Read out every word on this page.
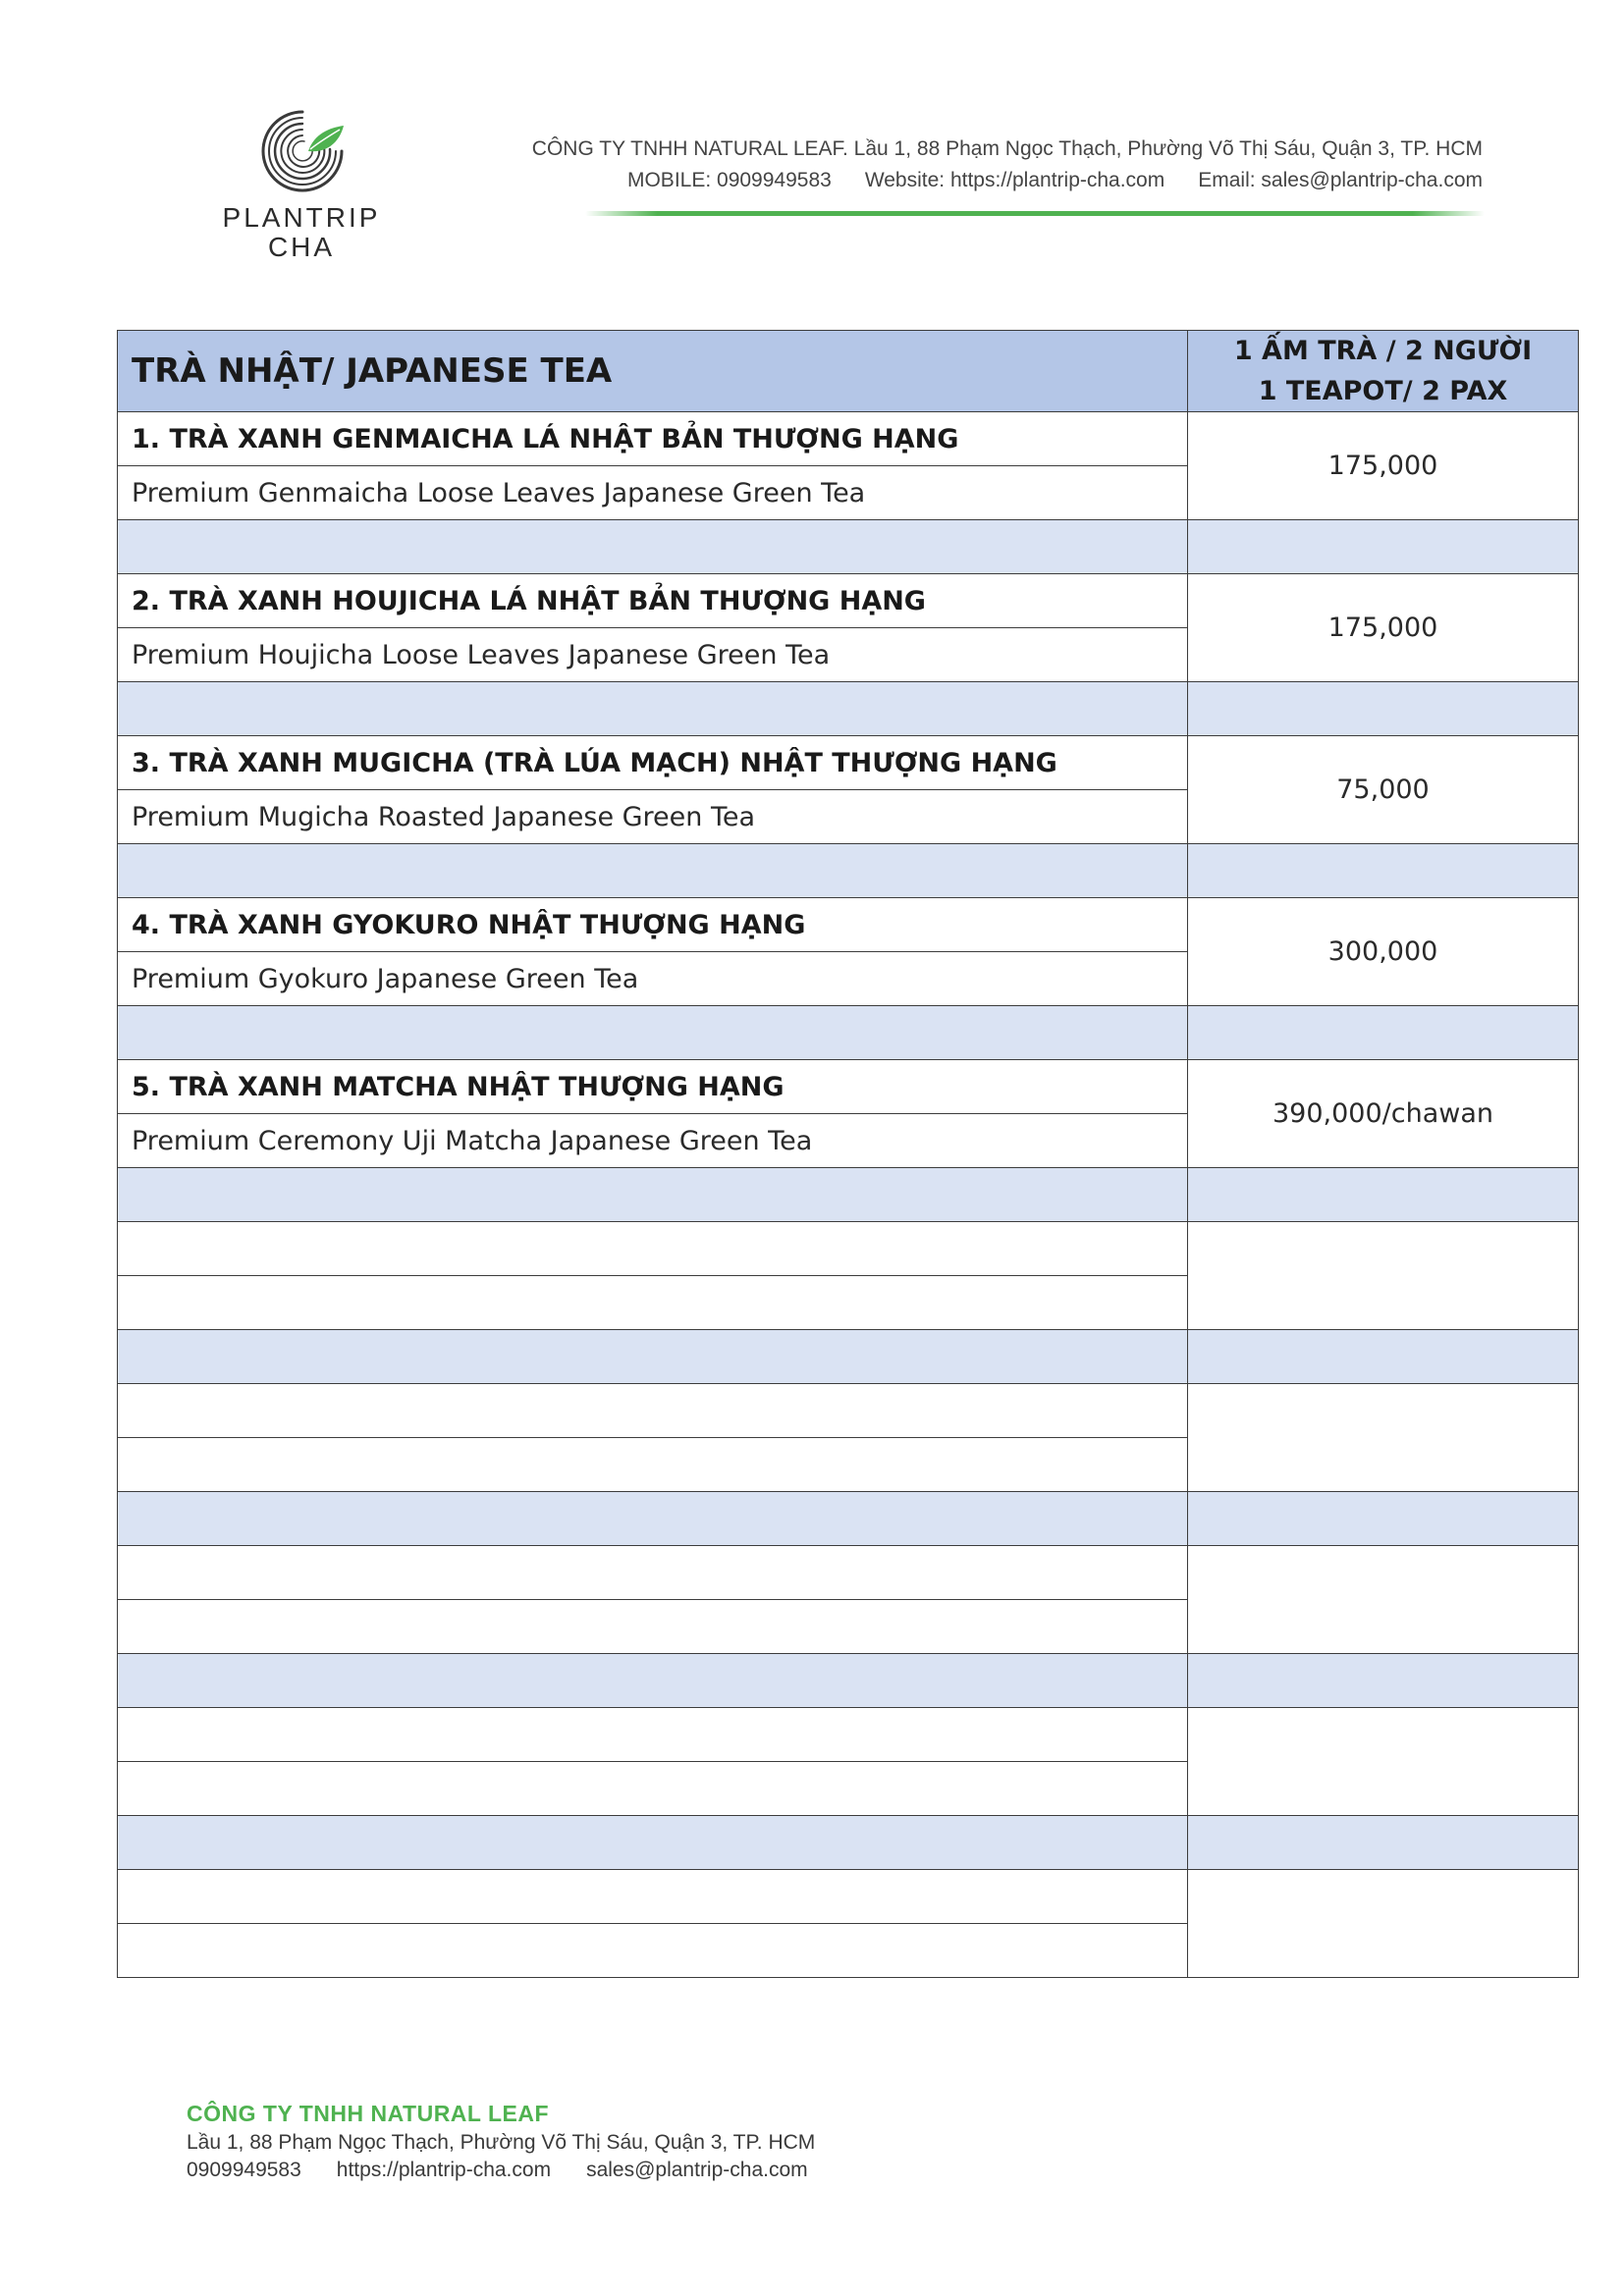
PLANTRIP
CHA
CÔNG TY TNHH NATURAL LEAF. Lầu 1, 88 Phạm Ngọc Thạch, Phường Võ Thị Sáu, Quận 3, TP. HCM
MOBILE: 0909949583 Website: https://plantrip-cha.com Email: sales@plantrip-cha.com
TRÀ NHẬT/ JAPANESE TEA	1 ẤM TRÀ / 2 NGƯỜI
1 TEAPOT/ 2 PAX

1. TRÀ XANH GENMAICHA LÁ NHẬT BẢN THƯỢNG HẠNG	175,000
Premium Genmaicha Loose Leaves Japanese Green Tea	

2. TRÀ XANH HOUJICHA LÁ NHẬT BẢN THƯỢNG HẠNG	175,000
Premium Houjicha Loose Leaves Japanese Green Tea	

3. TRÀ XANH MUGICHA (TRÀ LÚA MẠCH) NHẬT THƯỢNG HẠNG	75,000
Premium Mugicha Roasted Japanese Green Tea	

4. TRÀ XANH GYOKURO NHẬT THƯỢNG HẠNG	300,000
Premium Gyokuro Japanese Green Tea	

5. TRÀ XANH MATCHA NHẬT THƯỢNG HẠNG	390,000/chawan
Premium Ceremony Uji Matcha Japanese Green Tea	

CÔNG TY TNHH NATURAL LEAF
Lầu 1, 88 Phạm Ngọc Thạch, Phường Võ Thị Sáu, Quận 3, TP. HCM
0909949583 https://plantrip-cha.com sales@plantrip-cha.com
